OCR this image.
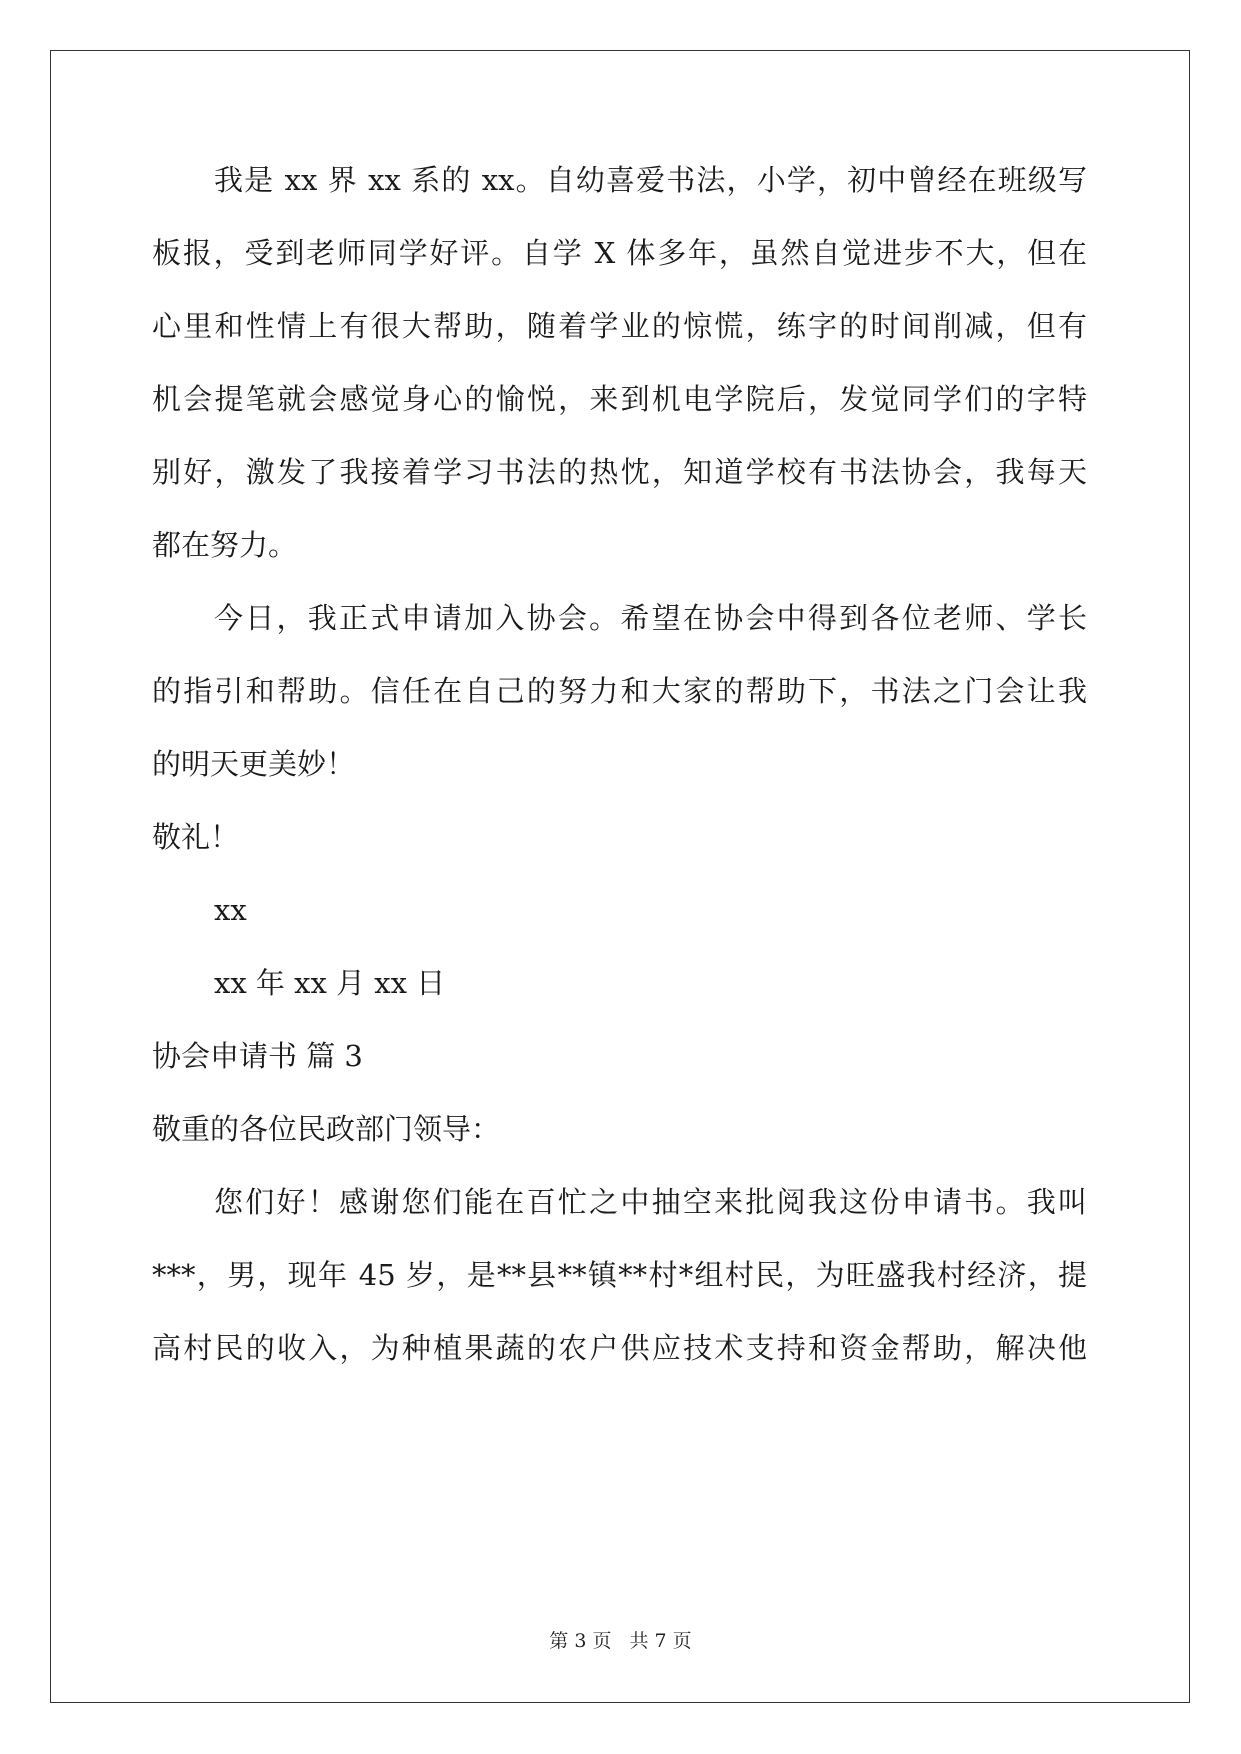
我是 xx 界 xx 系的 xx。自幼喜爱书法，小学，初中曾经在班级写
板报，受到老师同学好评。自学 X 体多年，虽然自觉进步不大，但在
心里和性情上有很大帮助，随着学业的惊慌，练字的时间削减，但有
机会提笔就会感觉身心的愉悦，来到机电学院后，发觉同学们的字特
别好，激发了我接着学习书法的热忱，知道学校有书法协会，我每天
都在努力。
今日，我正式申请加入协会。希望在协会中得到各位老师、学长
的指引和帮助。信任在自己的努力和大家的帮助下，书法之门会让我
的明天更美妙！
敬礼！
xx
xx 年 xx 月 xx 日
协会申请书 篇 3
敬重的各位民政部门领导：
您们好！感谢您们能在百忙之中抽空来批阅我这份申请书。我叫
***，男，现年 45 岁，是**县**镇**村*组村民，为旺盛我村经济，提
高村民的收入，为种植果蔬的农户供应技术支持和资金帮助，解决他
第 3 页 共 7 页
